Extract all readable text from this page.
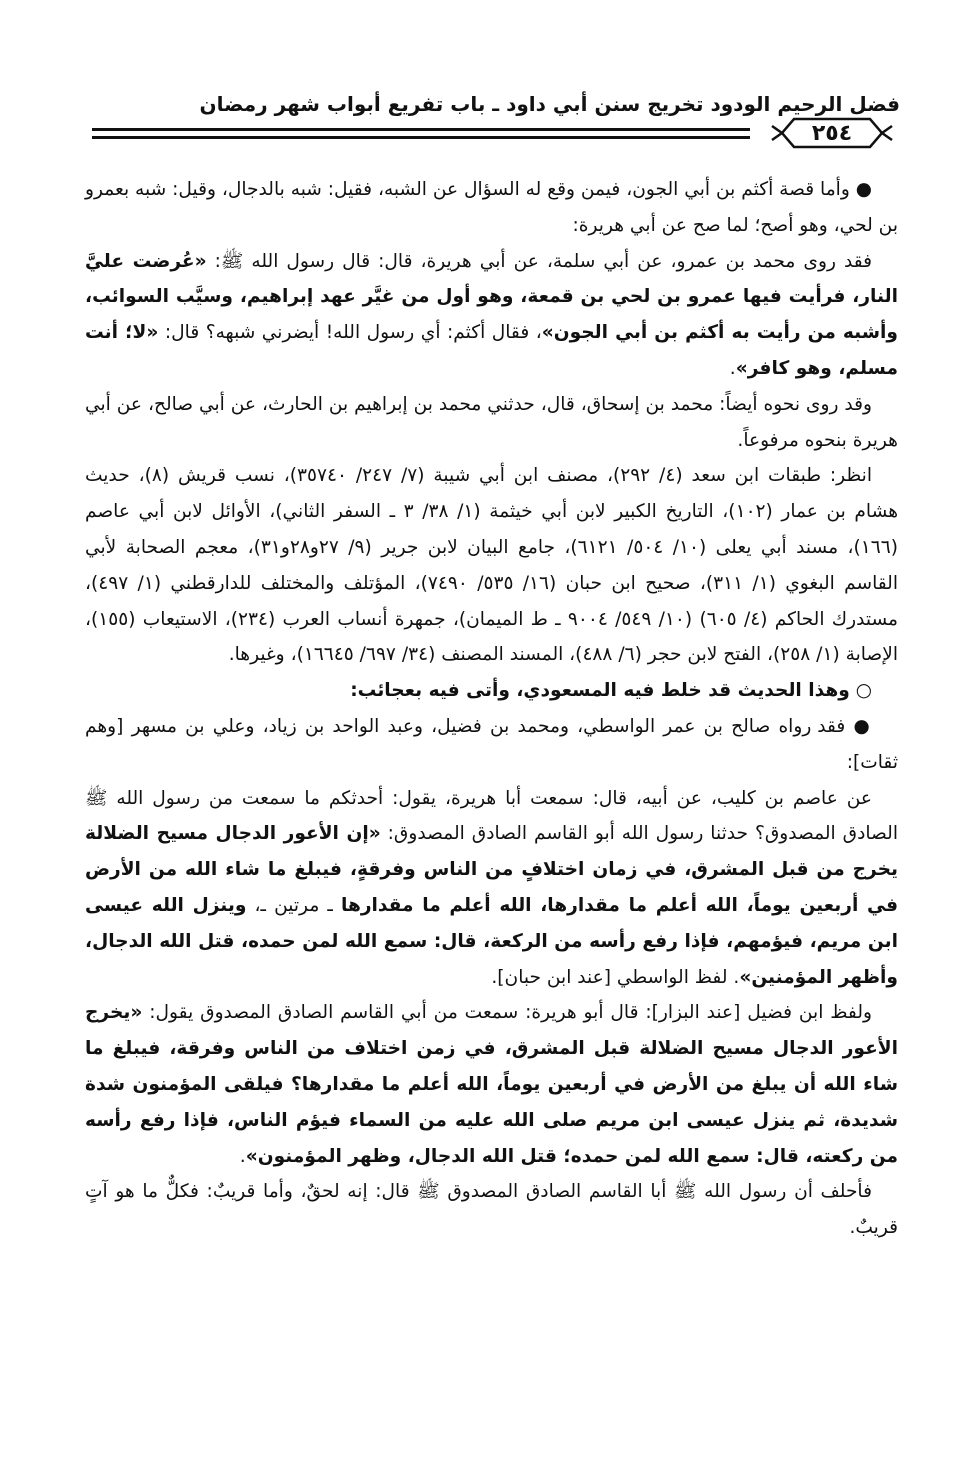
فضل الرحيم الودود تخريج سنن أبي داود ـ باب تفريع أبواب شهر رمضان
٢٥٤

● وأما قصة أكثم بن أبي الجون، فيمن وقع له السؤال عن الشبه، فقيل: شبه بالدجال، وقيل: شبه بعمرو بن لحي، وهو أصح؛ لما صح عن أبي هريرة:

فقد روى محمد بن عمرو، عن أبي سلمة، عن أبي هريرة، قال: قال رسول الله ﷺ: «عُرضت عليَّ النار، فرأيت فيها عمرو بن لحي بن قمعة، وهو أول من غيَّر عهد إبراهيم، وسيَّب السوائب، وأشبه من رأيت به أكثم بن أبي الجون»، فقال أكثم: أي رسول الله! أيضرني شبهه؟ قال: «لا؛ أنت مسلم، وهو كافر».

وقد روى نحوه أيضاً: محمد بن إسحاق، قال، حدثني محمد بن إبراهيم بن الحارث، عن أبي صالح، عن أبي هريرة بنحوه مرفوعاً.

انظر: طبقات ابن سعد (٤/ ٢٩٢)، مصنف ابن أبي شيبة (٧/ ٢٤٧/ ٣٥٧٤٠)، نسب قريش (٨)، حديث هشام بن عمار (١٠٢)، التاريخ الكبير لابن أبي خيثمة (١/ ٣٨/ ٣ ـ السفر الثاني)، الأوائل لابن أبي عاصم (١٦٦)، مسند أبي يعلى (١٠/ ٥٠٤/ ٦١٢١)، جامع البيان لابن جرير (٩/ ٢٧و٢٨و٣١)، معجم الصحابة لأبي القاسم البغوي (١/ ٣١١)، صحيح ابن حبان (١٦/ ٥٣٥/ ٧٤٩٠)، المؤتلف والمختلف للدارقطني (١/ ٤٩٧)، مستدرك الحاكم (٤/ ٦٠٥) (١٠/ ٥٤٩/ ٩٠٠٤ ـ ط الميمان)، جمهرة أنساب العرب (٢٣٤)، الاستيعاب (١٥٥)، الإصابة (١/ ٢٥٨)، الفتح لابن حجر (٦/ ٤٨٨)، المسند المصنف (٣٤/ ٦٩٧/ ١٦٦٤٥)، وغيرها.

○ وهذا الحديث قد خلط فيه المسعودي، وأتى فيه بعجائب:

● فقد رواه صالح بن عمر الواسطي، ومحمد بن فضيل، وعبد الواحد بن زياد، وعلي بن مسهر [وهم ثقات]:

عن عاصم بن كليب، عن أبيه، قال: سمعت أبا هريرة، يقول: أحدثكم ما سمعت من رسول الله ﷺ الصادق المصدوق؟ حدثنا رسول الله أبو القاسم الصادق المصدوق: «إن الأعور الدجال مسيح الضلالة يخرج من قبل المشرق، في زمان اختلافٍ من الناس وفرقةٍ، فيبلغ ما شاء الله من الأرض في أربعين يوماً، الله أعلم ما مقدارها، الله أعلم ما مقدارها ـ مرتين ـ، وينزل الله عيسى ابن مريم، فيؤمهم، فإذا رفع رأسه من الركعة، قال: سمع الله لمن حمده، قتل الله الدجال، وأظهر المؤمنين». لفظ الواسطي [عند ابن حبان].

ولفظ ابن فضيل [عند البزار]: قال أبو هريرة: سمعت من أبي القاسم الصادق المصدوق يقول: «يخرج الأعور الدجال مسيح الضلالة قبل المشرق، في زمن اختلاف من الناس وفرقة، فيبلغ ما شاء الله أن يبلغ من الأرض في أربعين يوماً، الله أعلم ما مقدارها؟ فيلقى المؤمنون شدة شديدة، ثم ينزل عيسى ابن مريم صلى الله عليه من السماء فيؤم الناس، فإذا رفع رأسه من ركعته، قال: سمع الله لمن حمده؛ قتل الله الدجال، وظهر المؤمنون».

فأحلف أن رسول الله ﷺ أبا القاسم الصادق المصدوق ﷺ قال: إنه لحقٌ، وأما قريبٌ: فكلٌّ ما هو آتٍ قريبٌ.
